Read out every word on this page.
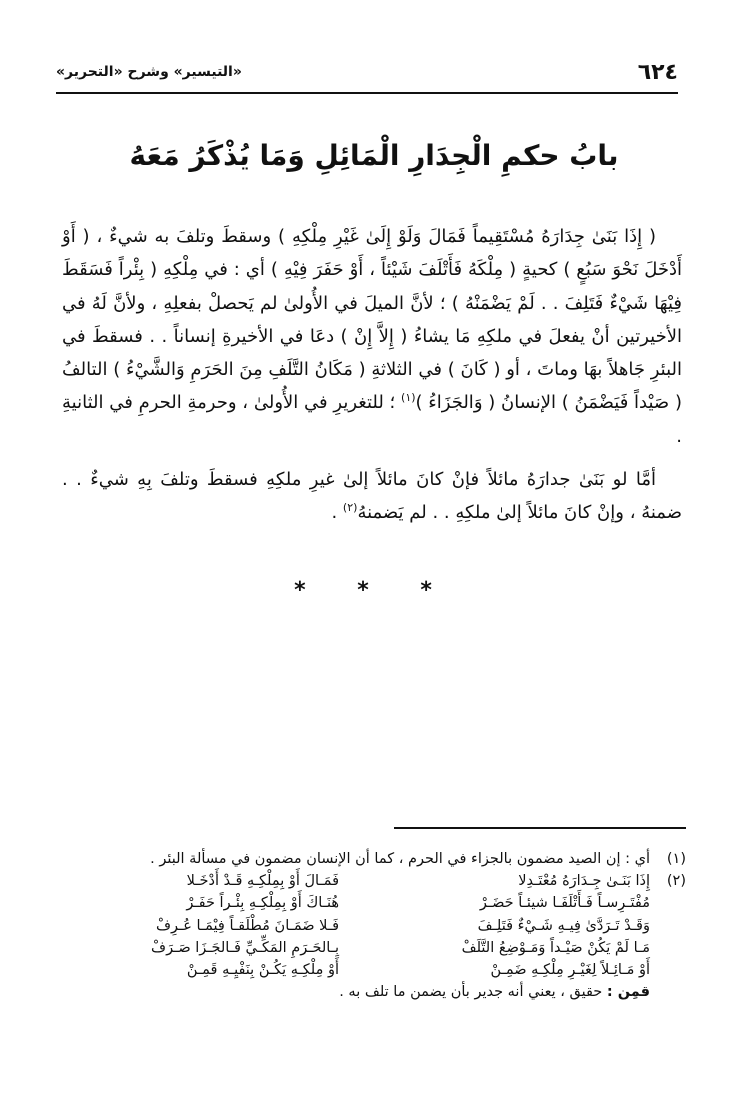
٦٢٤
«التيسير» وشرح «التحرير»
بابُ حكمِ الْجِدَارِ الْمَائِلِ وَمَا يُذْكَرُ مَعَهُ

( إِذَا بَنَىٰ جِدَارَهُ مُسْتَقِيماً فَمَالَ وَلَوْ إِلَىٰ غَيْرِ مِلْكِهِ ) وسقطَ وتلفَ به شيءٌ ، ( أَوْ أَدْخَلَ نَحْوَ سَبُعٍ ) كحيةٍ ( مِلْكَهُ فَأَتْلَفَ شَيْئاً ، أَوْ حَفَرَ فِيْهِ ) أي : في مِلْكِهِ ( بِئْراً فَسَقَطَ فِيْهَا شَيْءٌ فَتَلِفَ . . لَمْ يَضْمَنْهُ ) ؛ لأنَّ الميلَ في الأُولىٰ لم يَحصلْ بفعلِهِ ، ولأنَّ لَهُ في الأخيرتين أنْ يفعلَ في ملكِهِ مَا يشاءُ ( إِلاَّ إِنْ ) دعَا في الأخيرةِ إنساناً . . فسقطَ في البئرِ جَاهلاً بهَا وماتَ ، أو ( كَانَ ) في الثلاثةِ ( مَكَانُ التَّلَفِ مِنَ الحَرَمِ وَالشَّيْءُ ) التالفُ ( صَيْداً فَيَضْمَنُ ) الإنسانُ ( وَالجَزَاءُ )$^{(١)}$ ؛ للتغريرِ في الأُولىٰ ، وحرمةِ الحرمِ في الثانيةِ .

أمَّا لو بَنَىٰ جدارَهُ مائلاً فإنْ كانَ مائلاً إلىٰ غيرِ ملكِهِ فسقطَ وتلفَ بِهِ شيءٌ . . ضمنهُ ، وإنْ كانَ مائلاً إلىٰ ملكِهِ . . لم يَضمنهُ$^{(٢)}$ .

* * *
(١)
أي : إن الصيد مضمون بالجزاء في الحرم ، كما أن الإنسان مضمون في مسألة البئر .
(٢)
إِذَا بَنَـىٰ جِـدَارَهُ مُعْتَـدِلا	فَمَـالَ أَوْ بِمِلْكِـهِ قَـدْ أَدْخَـلا
مُفْتَـرِسـاً فَـأَتْلَفَـا شيئـاً حَضَـرْ	هُنَـاكَ أَوْ بِمِلْكِـهِ بِئْـراً حَفَـرْ
وَقَـدْ تَـرَدَّىٰ فِيـهِ شَـيْءٌ فَتَلِـفَ	فَـلا ضَمَـانَ مُطْلَقـاً فِيْمَـا عُـرِفْ
مَـا لَمْ يَكُنْ صَيْـداً وَمَـوْضِعُ التَّلَفْ	بِـالحَـرَمِ المَكِّـيِّ فَـالجَـزَا صَـرَفْ
أَوْ مَـائِـلاً لِغَيْـرِ مِلْكِـهِ ضَمِـنْ	أَوْ مِلْكِـهِ يَكُـنْ بِنَفْيِـهِ قَمِـنْ
قمِن : حقيق ، يعني أنه جدير بأن يضمن ما تلف به .
